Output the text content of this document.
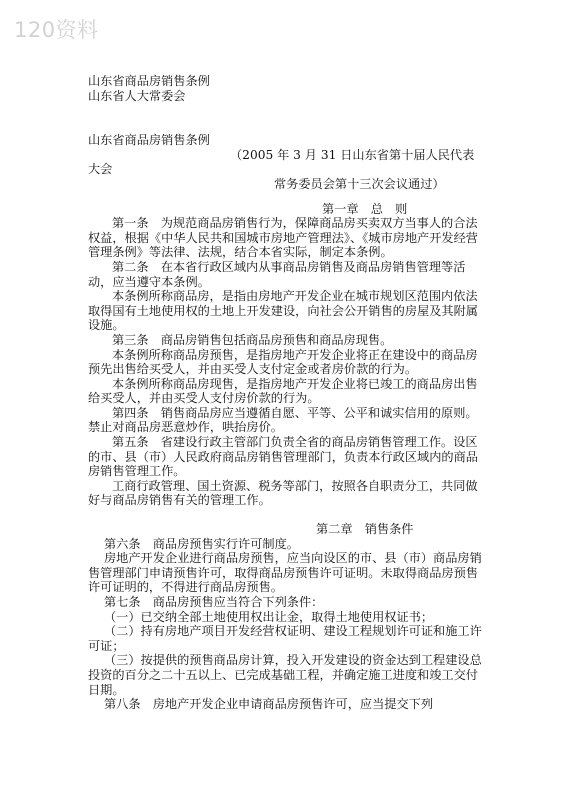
120资料

山东省商品房销售条例

山东省人大常委会

山东省商品房销售条例

（2005 年 3 月 31 日山东省第十届人民代表

大会

常务委员会第十三次会议通过）

第一章　总　则

第一条　为规范商品房销售行为，保障商品房买卖双方当事人的合法权益，根据《中华人民共和国城市房地产管理法》、《城市房地产开发经营管理条例》等法律、法规，结合本省实际，制定本条例。

第二条　在本省行政区域内从事商品房销售及商品房销售管理等活动，应当遵守本条例。

本条例所称商品房，是指由房地产开发企业在城市规划区范围内依法取得国有土地使用权的土地上开发建设，向社会公开销售的房屋及其附属设施。

第三条　商品房销售包括商品房预售和商品房现售。

本条例所称商品房预售，是指房地产开发企业将正在建设中的商品房预先出售给买受人，并由买受人支付定金或者房价款的行为。

本条例所称商品房现售，是指房地产开发企业将已竣工的商品房出售给买受人，并由买受人支付房价款的行为。

第四条　销售商品房应当遵循自愿、平等、公平和诚实信用的原则。禁止对商品房恶意炒作，哄抬房价。

第五条　省建设行政主管部门负责全省的商品房销售管理工作。设区的市、县（市）人民政府商品房销售管理部门，负责本行政区域内的商品房销售管理工作。

工商行政管理、国土资源、税务等部门，按照各自职责分工，共同做好与商品房销售有关的管理工作。

第二章　销售条件

第六条　商品房预售实行许可制度。

房地产开发企业进行商品房预售，应当向设区的市、县（市）商品房销售管理部门申请预售许可，取得商品房预售许可证明。未取得商品房预售许可证明的，不得进行商品房预售。

第七条　商品房预售应当符合下列条件：

（一）已交纳全部土地使用权出让金，取得土地使用权证书；

（二）持有房地产项目开发经营权证明、建设工程规划许可证和施工许可证；

（三）按提供的预售商品房计算，投入开发建设的资金达到工程建设总投资的百分之二十五以上、已完成基础工程，并确定施工进度和竣工交付日期。

第八条　房地产开发企业申请商品房预售许可，应当提交下列
